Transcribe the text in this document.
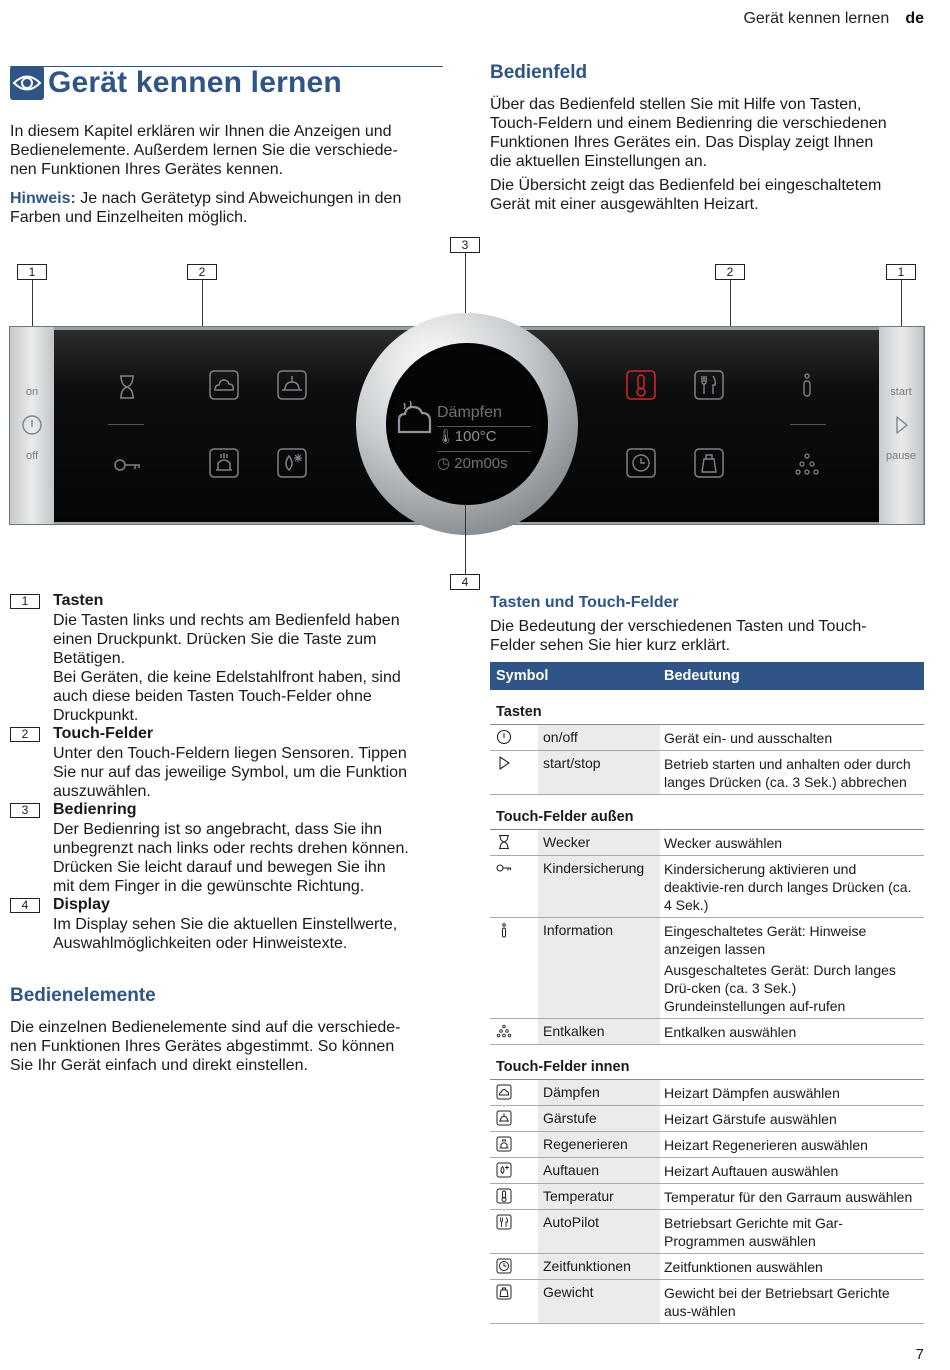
Gerät kennen lernen de
Gerät kennen lernen
In diesem Kapitel erklären wir Ihnen die Anzeigen und
Bedienelemente. Außerdem lernen Sie die verschiede-
nen Funktionen Ihres Gerätes kennen.
Hinweis: Je nach Gerätetyp sind Abweichungen in den
Farben und Einzelheiten möglich.
Bedienfeld
Über das Bedienfeld stellen Sie mit Hilfe von Tasten,
Touch-Feldern und einem Bedienring die verschiedenen
Funktionen Ihres Gerätes ein. Das Display zeigt Ihnen
die aktuellen Einstellungen an.
Die Übersicht zeigt das Bedienfeld bei eingeschaltetem
Gerät mit einer ausgewählten Heizart.
3
1	2	2	1
on
off
start
pause
Dämpfen
🌡︎100°C
◷ 20m00s
4
1	Tasten
Die Tasten links und rechts am Bedienfeld haben
einen Druckpunkt. Drücken Sie die Taste zum
Betätigen.
Bei Geräten, die keine Edelstahlfront haben, sind
auch diese beiden Tasten Touch-Felder ohne
Druckpunkt.
2	Touch-Felder
Unter den Touch-Feldern liegen Sensoren. Tippen
Sie nur auf das jeweilige Symbol, um die Funktion
auszuwählen.
3	Bedienring
Der Bedienring ist so angebracht, dass Sie ihn
unbegrenzt nach links oder rechts drehen können.
Drücken Sie leicht darauf und bewegen Sie ihn
mit dem Finger in die gewünschte Richtung.
4	Display
Im Display sehen Sie die aktuellen Einstellwerte,
Auswahlmöglichkeiten oder Hinweistexte.
Bedienelemente
Die einzelnen Bedienelemente sind auf die verschiede-
nen Funktionen Ihres Gerätes abgestimmt. So können
Sie Ihr Gerät einfach und direkt einstellen.
Tasten und Touch-Felder
Die Bedeutung der verschiedenen Tasten und Touch-
Felder sehen Sie hier kurz erklärt.
Symbol	Bedeutung
Tasten
on/off	Gerät ein- und ausschalten
start/stop	Betrieb starten und anhalten oder durch langes Drücken (ca. 3 Sek.) abbrechen
Touch-Felder außen
Wecker	Wecker auswählen
Kindersicherung	Kindersicherung aktivieren und deaktivie-ren durch langes Drücken (ca. 4 Sek.)
Information	Eingeschaltetes Gerät: Hinweise anzeigen lassen
Ausgeschaltetes Gerät: Durch langes Drü-cken (ca. 3 Sek.) Grundeinstellungen auf-rufen
Entkalken	Entkalken auswählen
Touch-Felder innen
Dämpfen	Heizart Dämpfen auswählen
Gärstufe	Heizart Gärstufe auswählen
Regenerieren	Heizart Regenerieren auswählen
Auftauen	Heizart Auftauen auswählen
Temperatur	Temperatur für den Garraum auswählen
AutoPilot	Betriebsart Gerichte mit Gar-Programmen auswählen
Zeitfunktionen	Zeitfunktionen auswählen
Gewicht	Gewicht bei der Betriebsart Gerichte aus-wählen
7
